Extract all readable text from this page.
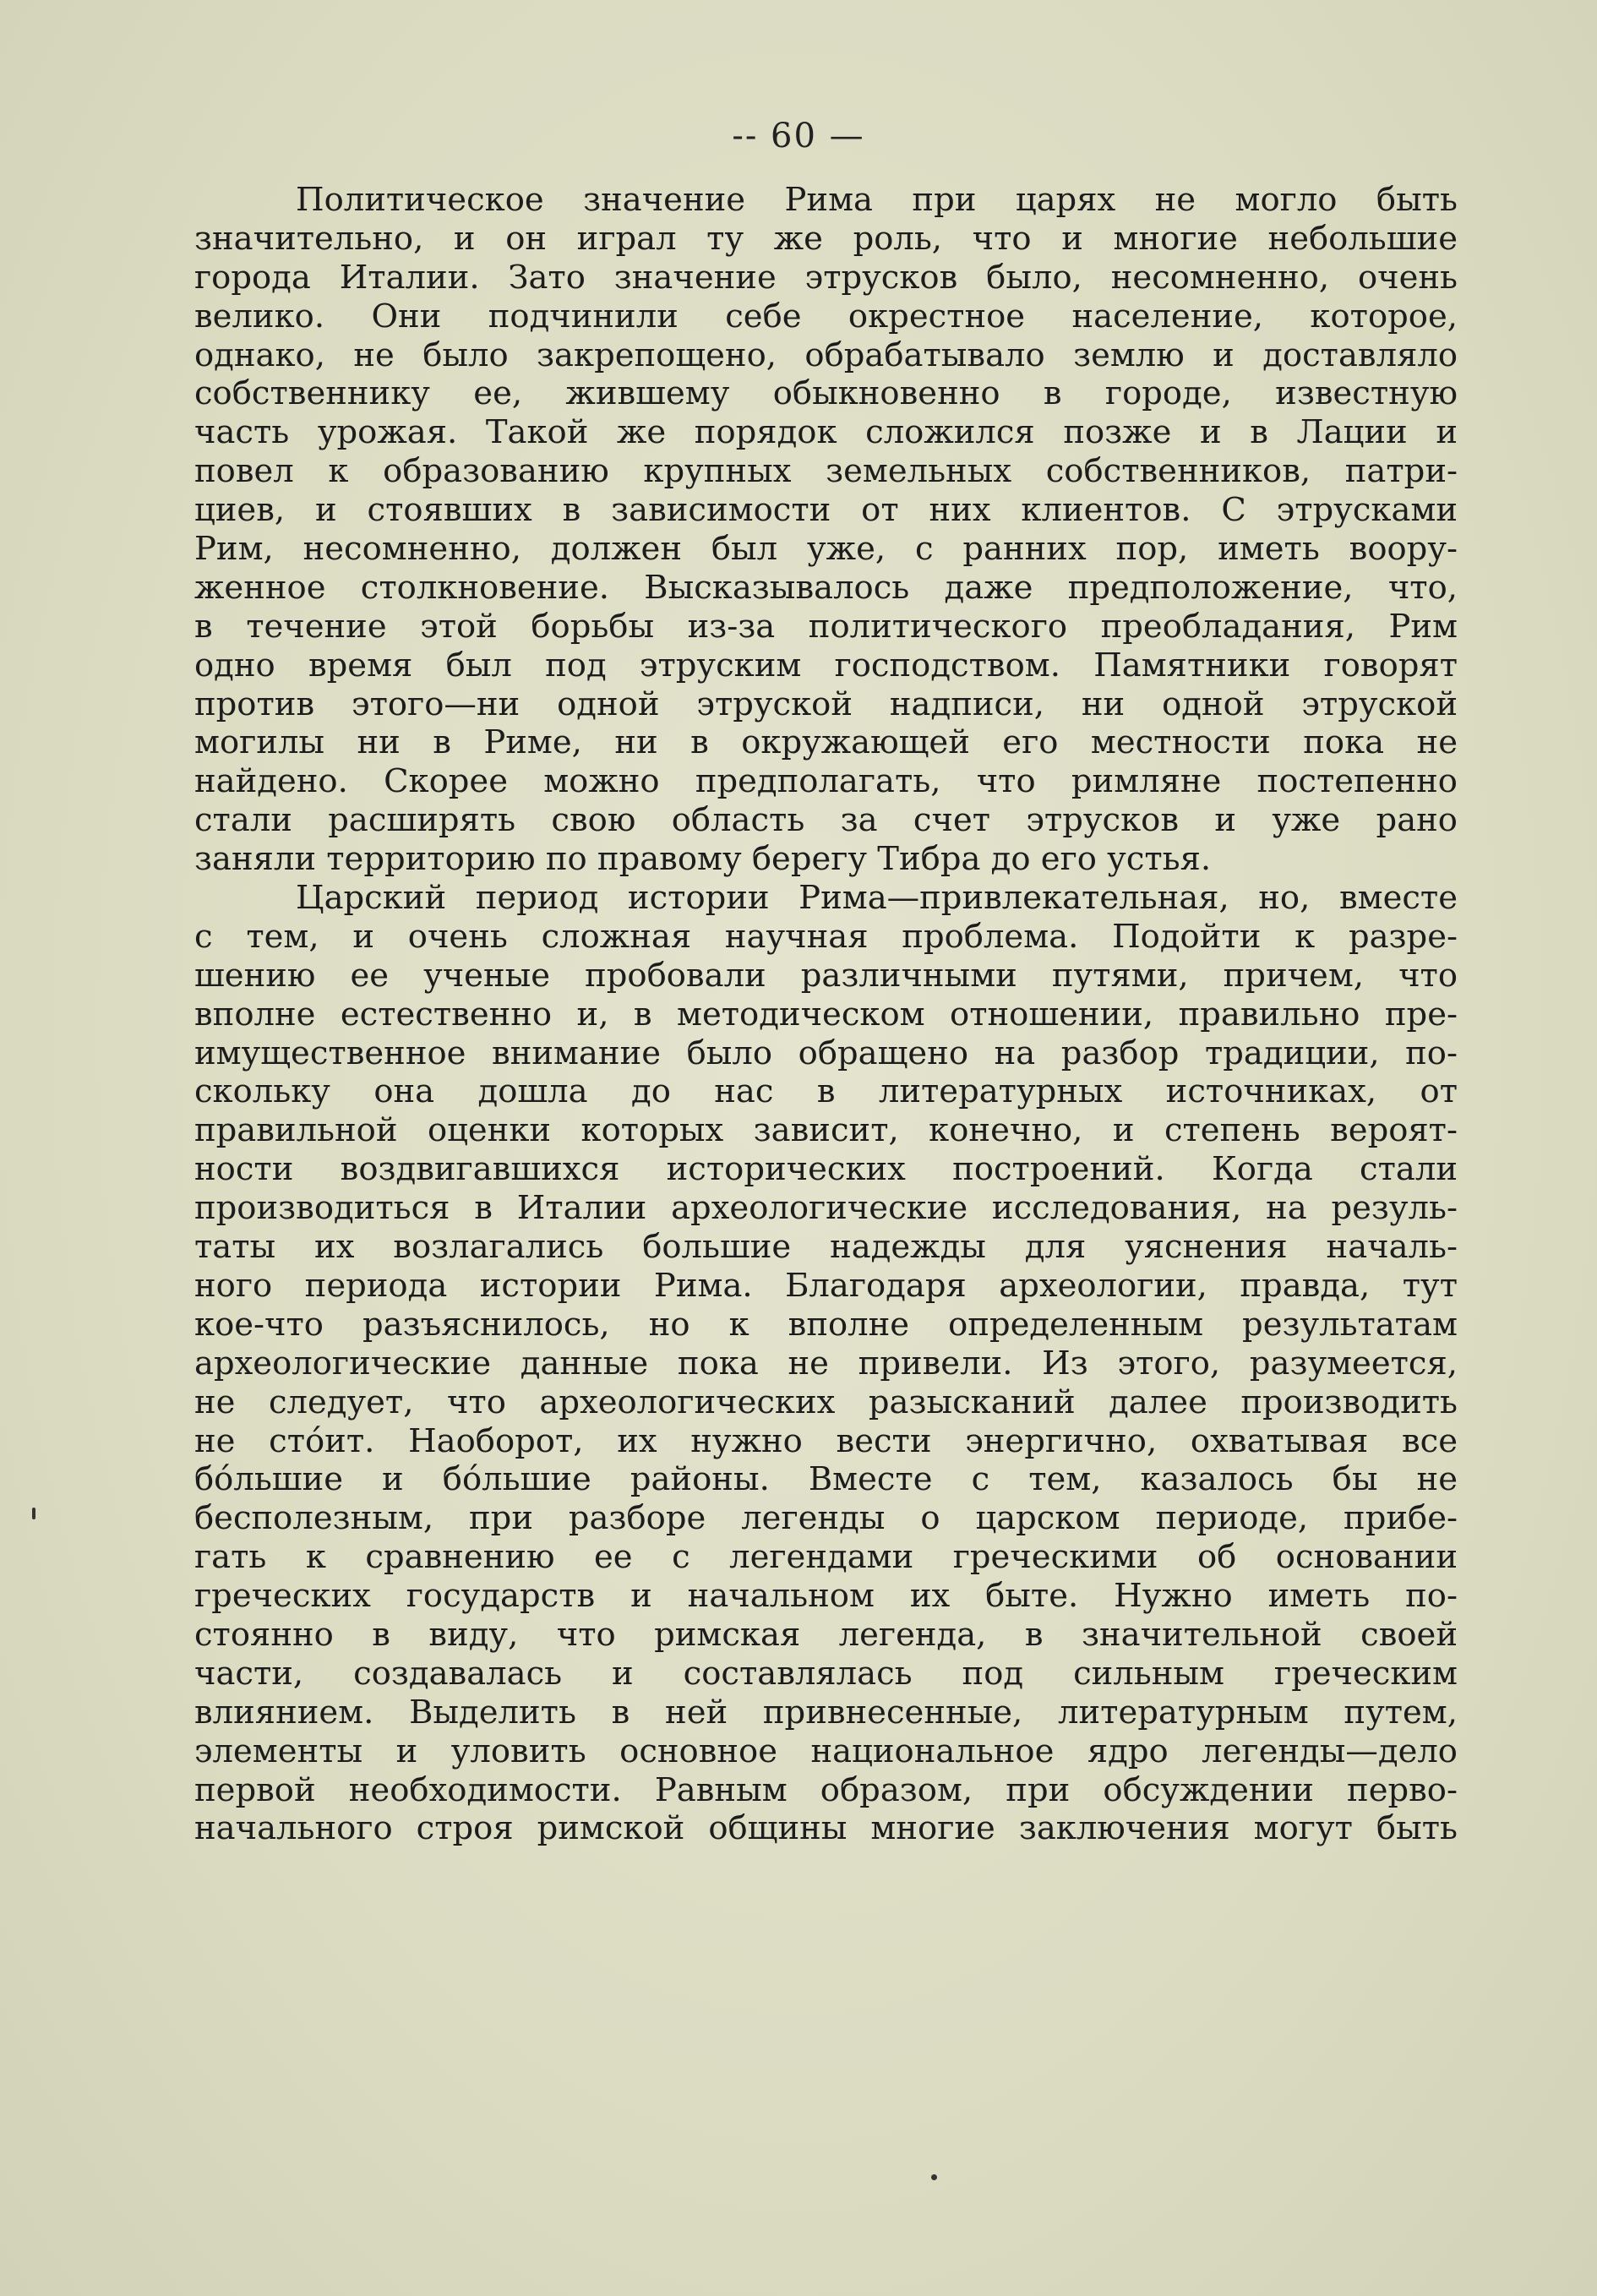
-- 60 —
Политическое значение Рима при царях не могло быть
значительно, и он играл ту же роль, что и многие небольшие
города Италии. Зато значение этрусков было, несомненно, очень
велико. Они подчинили себе окрестное население, которое,
однако, не было закрепощено, обрабатывало землю и доставляло
собственнику ее, жившему обыкновенно в городе, известную
часть урожая. Такой же порядок сложился позже и в Лации и
повел к образованию крупных земельных собственников, патри-
циев, и стоявших в зависимости от них клиентов. С этрусками
Рим, несомненно, должен был уже, с ранних пор, иметь воору-
женное столкновение. Высказывалось даже предположение, что,
в течение этой борьбы из-за политического преобладания, Рим
одно время был под этруским господством. Памятники говорят
против этого—ни одной этруской надписи, ни одной этруской
могилы ни в Риме, ни в окружающей его местности пока не
найдено. Скорее можно предполагать, что римляне постепенно
стали расширять свою область за счет этрусков и уже рано
заняли территорию по правому берегу Тибра до его устья.
Царский период истории Рима—привлекательная, но, вместе
с тем, и очень сложная научная проблема. Подойти к разре-
шению ее ученые пробовали различными путями, причем, что
вполне естественно и, в методическом отношении, правильно пре-
имущественное внимание было обращено на разбор традиции, по-
скольку она дошла до нас в литературных источниках, от
правильной оценки которых зависит, конечно, и степень вероят-
ности воздвигавшихся исторических построений. Когда стали
производиться в Италии археологические исследования, на резуль-
таты их возлагались большие надежды для уяснения началь-
ного периода истории Рима. Благодаря археологии, правда, тут
кое-что разъяснилось, но к вполне определенным результатам
археологические данные пока не привели. Из этого, разумеется,
не следует, что археологических разысканий далее производить
не стóит. Наоборот, их нужно вести энергично, охватывая все
бóльшие и бóльшие районы. Вместе с тем, казалось бы не
бесполезным, при разборе легенды о царском периоде, прибе-
гать к сравнению ее с легендами греческими об основании
греческих государств и начальном их быте. Нужно иметь по-
стоянно в виду, что римская легенда, в значительной своей
части, создавалась и составлялась под сильным греческим
влиянием. Выделить в ней привнесенные, литературным путем,
элементы и уловить основное национальное ядро легенды—дело
первой необходимости. Равным образом, при обсуждении перво-
начального строя римской общины многие заключения могут быть
